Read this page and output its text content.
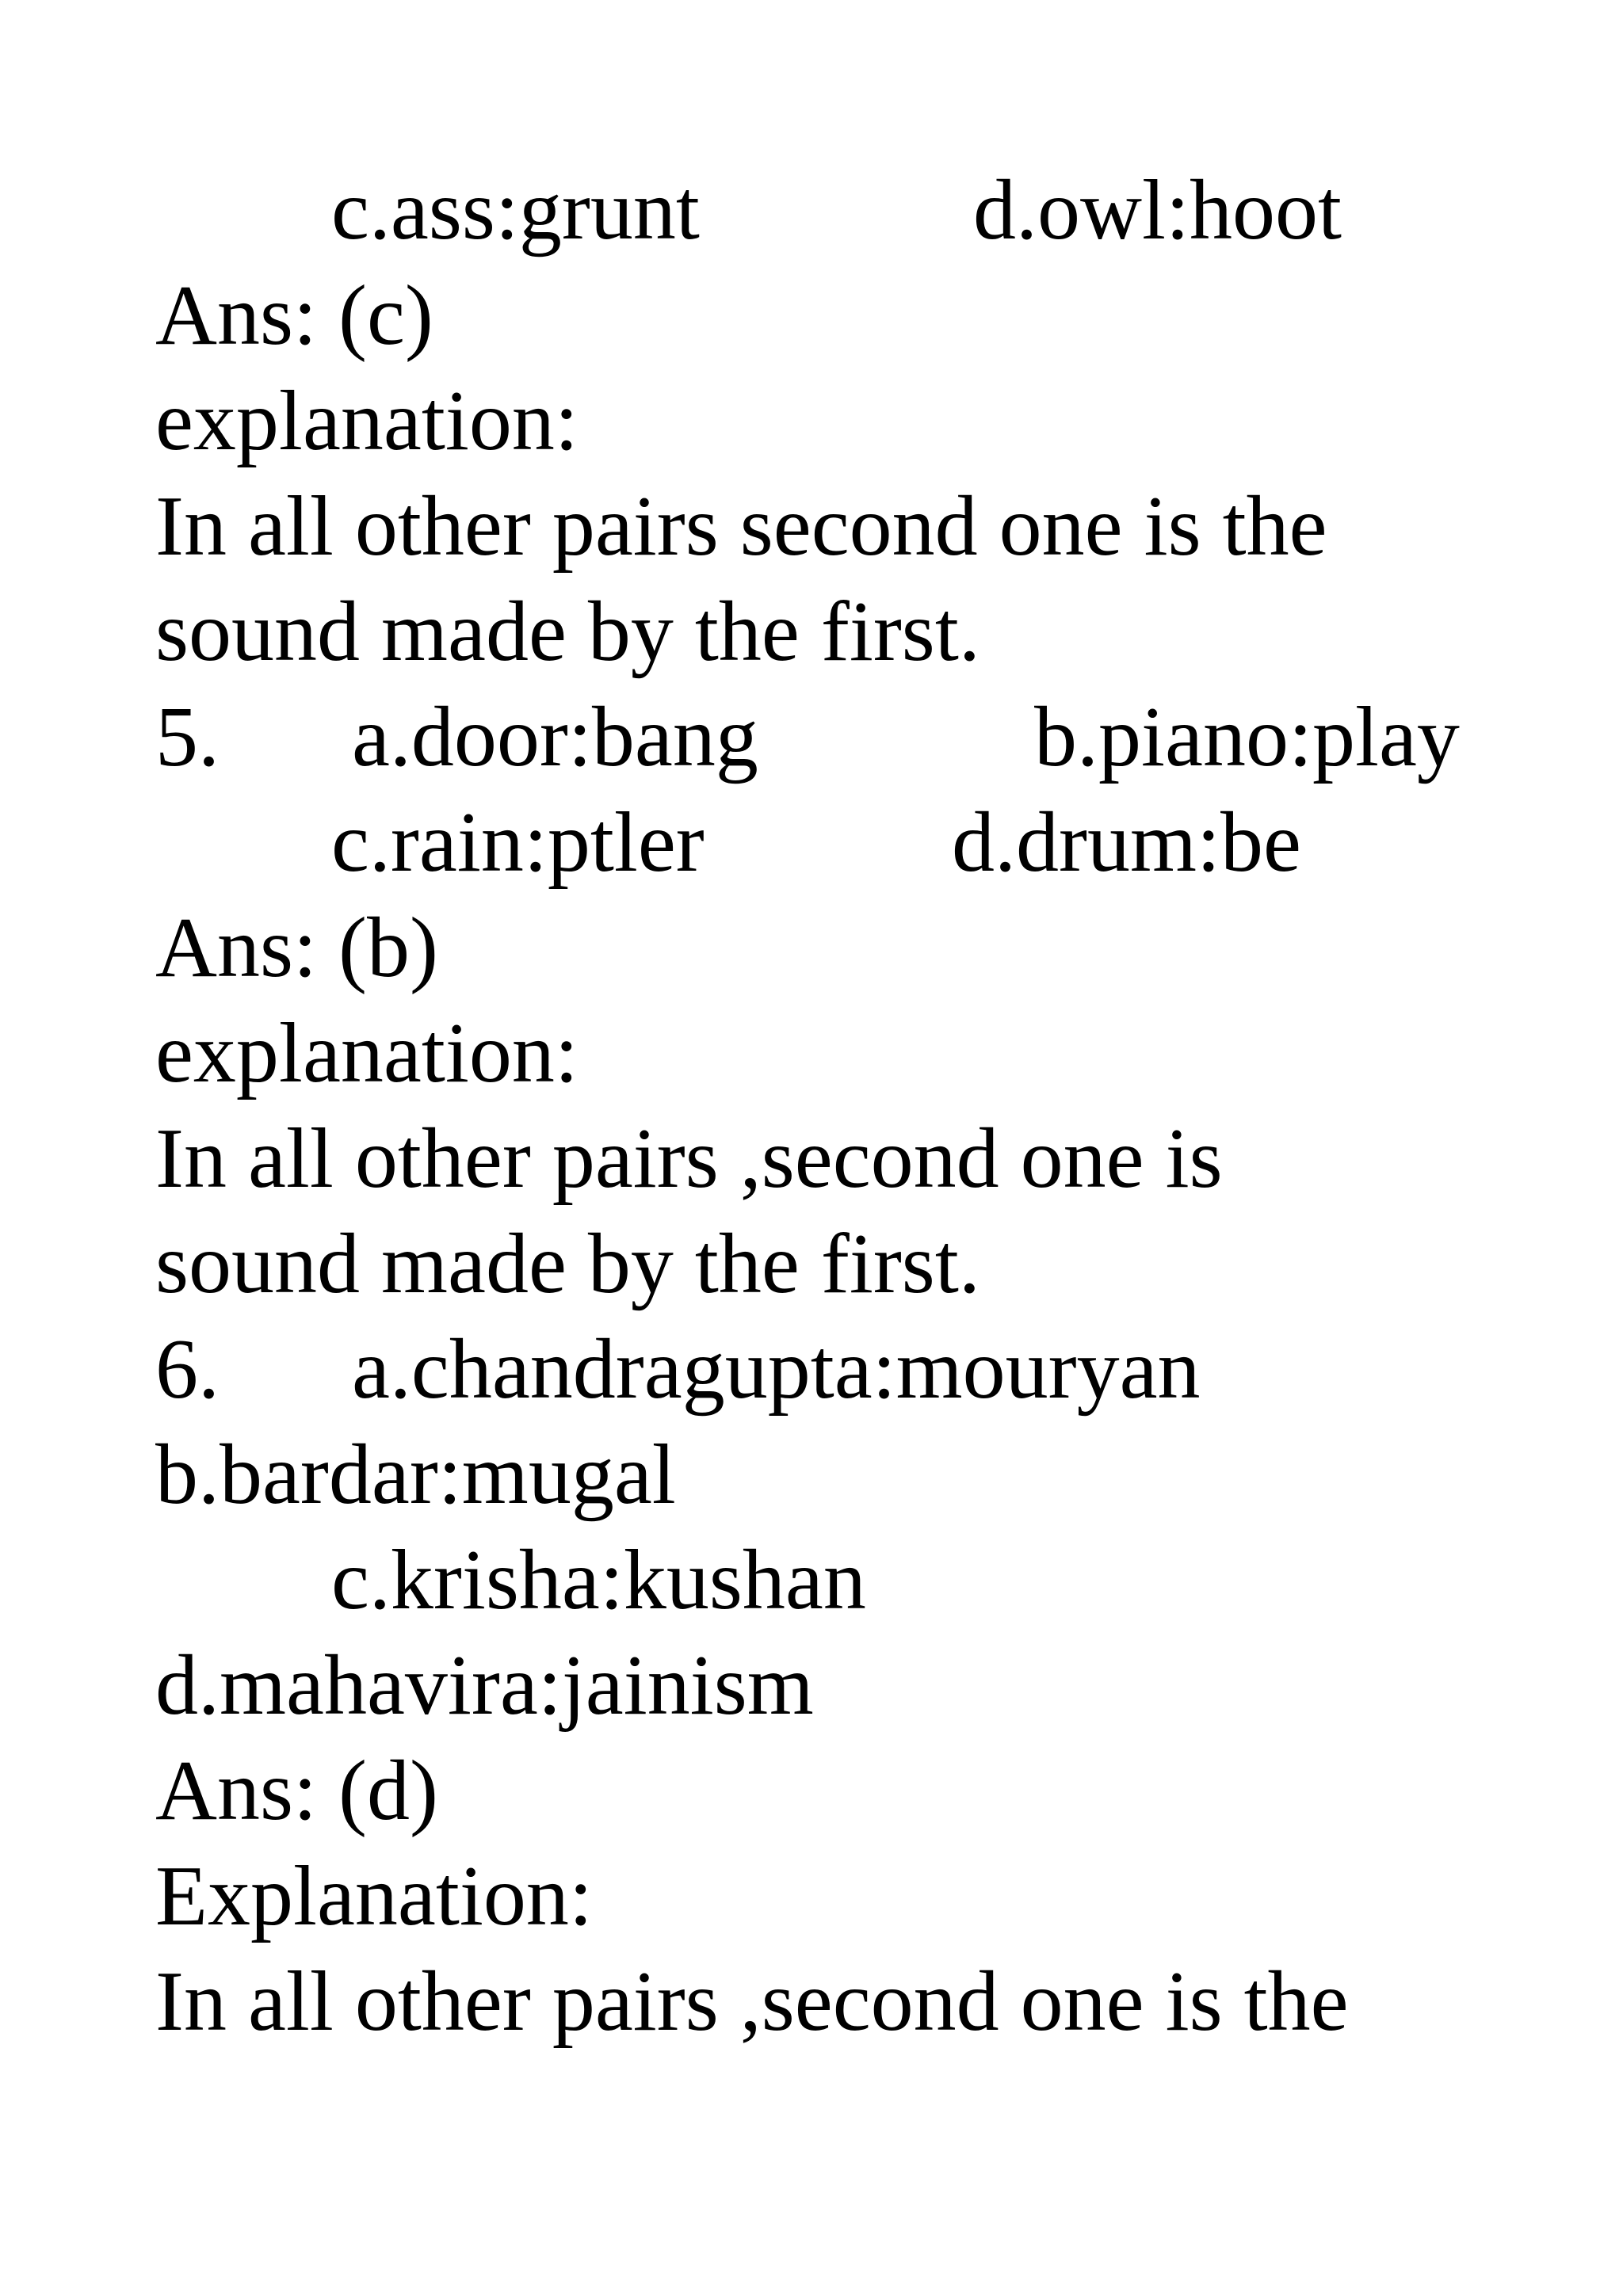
c.ass:grunt	d.owl:hoot
Ans: (c)
explanation:
In all other pairs second one is the
sound made by the first.
5. a.door:bang	b.piano:play
c.rain:ptler	d.drum:be
Ans: (b)
explanation:
In all other pairs ,second one is
sound made by the first.
6. a.chandragupta:mouryan
b.bardar:mugal
c.krisha:kushan
d.mahavira:jainism
Ans: (d)
Explanation:
In all other pairs ,second one is the
